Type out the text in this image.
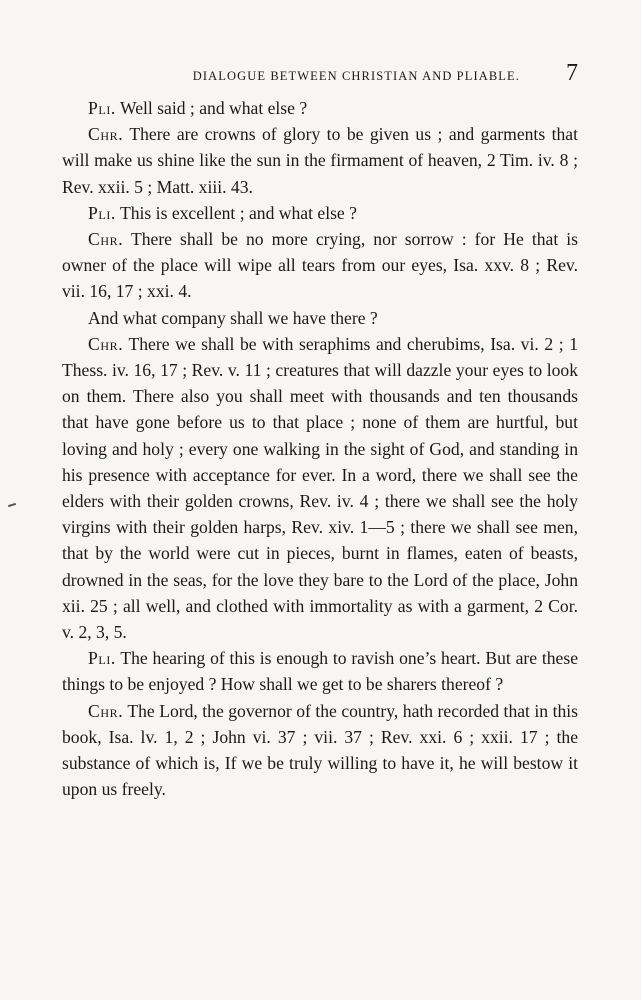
DIALOGUE BETWEEN CHRISTIAN AND PLIABLE. 7

Pli. Well said ; and what else ?

Chr. There are crowns of glory to be given us ; and garments that will make us shine like the sun in the firmament of heaven, 2 Tim. iv. 8 ; Rev. xxii. 5 ; Matt. xiii. 43.

Pli. This is excellent ; and what else ?

Chr. There shall be no more crying, nor sorrow : for He that is owner of the place will wipe all tears from our eyes, Isa. xxv. 8 ; Rev. vii. 16, 17 ; xxi. 4.

And what company shall we have there ?

Chr. There we shall be with seraphims and cherubims, Isa. vi. 2 ; 1 Thess. iv. 16, 17 ; Rev. v. 11 ; creatures that will dazzle your eyes to look on them. There also you shall meet with thousands and ten thousands that have gone before us to that place ; none of them are hurtful, but loving and holy ; every one walking in the sight of God, and standing in his presence with acceptance for ever. In a word, there we shall see the elders with their golden crowns, Rev. iv. 4 ; there we shall see the holy virgins with their golden harps, Rev. xiv. 1—5 ; there we shall see men, that by the world were cut in pieces, burnt in flames, eaten of beasts, drowned in the seas, for the love they bare to the Lord of the place, John xii. 25 ; all well, and clothed with immortality as with a garment, 2 Cor. v. 2, 3, 5.

Pli. The hearing of this is enough to ravish one’s heart. But are these things to be enjoyed ? How shall we get to be sharers thereof ?

Chr. The Lord, the governor of the country, hath recorded that in this book, Isa. lv. 1, 2 ; John vi. 37 ; vii. 37 ; Rev. xxi. 6 ; xxii. 17 ; the substance of which is, If we be truly willing to have it, he will bestow it upon us freely.
